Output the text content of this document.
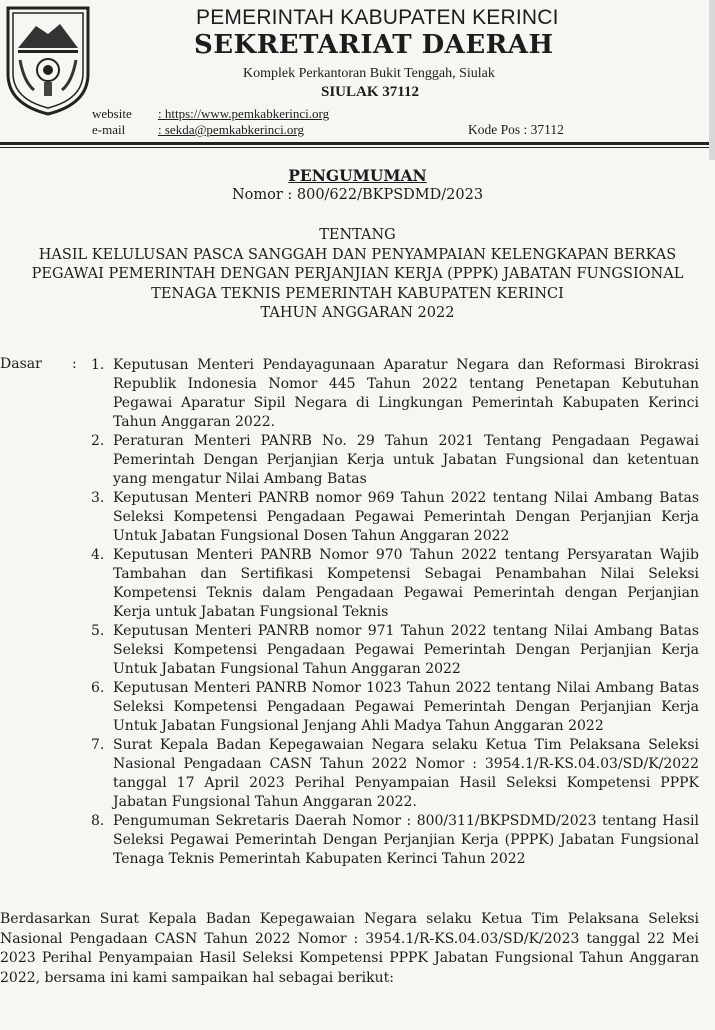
PEMERINTAH KABUPATEN KERINCI
SEKRETARIAT DAERAH
Komplek Perkantoran Bukit Tenggah, Siulak
SIULAK 37112
website : https://www.pemkabkerinci.org
e-mail	: sekda@pemkabkerinci.org	Kode Pos : 37112
PENGUMUMAN
Nomor : 800/622/BKPSDMD/2023
TENTANG
HASIL KELULUSAN PASCA SANGGAH DAN PENYAMPAIAN KELENGKAPAN BERKAS
PEGAWAI PEMERINTAH DENGAN PERJANJIAN KERJA (PPPK) JABATAN FUNGSIONAL
TENAGA TEKNIS PEMERINTAH KABUPATEN KERINCI
TAHUN ANGGARAN 2022
Dasar : 1. Keputusan Menteri Pendayagunaan Aparatur Negara dan Reformasi Birokrasi Republik Indonesia Nomor 445 Tahun 2022 tentang Penetapan Kebutuhan Pegawai Aparatur Sipil Negara di Lingkungan Pemerintah Kabupaten Kerinci Tahun Anggaran 2022.
2. Peraturan Menteri PANRB No. 29 Tahun 2021 Tentang Pengadaan Pegawai Pemerintah Dengan Perjanjian Kerja untuk Jabatan Fungsional dan ketentuan yang mengatur Nilai Ambang Batas
3. Keputusan Menteri PANRB nomor 969 Tahun 2022 tentang Nilai Ambang Batas Seleksi Kompetensi Pengadaan Pegawai Pemerintah Dengan Perjanjian Kerja Untuk Jabatan Fungsional Dosen Tahun Anggaran 2022
4. Keputusan Menteri PANRB Nomor 970 Tahun 2022 tentang Persyaratan Wajib Tambahan dan Sertifikasi Kompetensi Sebagai Penambahan Nilai Seleksi Kompetensi Teknis dalam Pengadaan Pegawai Pemerintah dengan Perjanjian Kerja untuk Jabatan Fungsional Teknis
5. Keputusan Menteri PANRB nomor 971 Tahun 2022 tentang Nilai Ambang Batas Seleksi Kompetensi Pengadaan Pegawai Pemerintah Dengan Perjanjian Kerja Untuk Jabatan Fungsional Tahun Anggaran 2022
6. Keputusan Menteri PANRB Nomor 1023 Tahun 2022 tentang Nilai Ambang Batas Seleksi Kompetensi Pengadaan Pegawai Pemerintah Dengan Perjanjian Kerja Untuk Jabatan Fungsional Jenjang Ahli Madya Tahun Anggaran 2022
7. Surat Kepala Badan Kepegawaian Negara selaku Ketua Tim Pelaksana Seleksi Nasional Pengadaan CASN Tahun 2022 Nomor : 3954.1/R-KS.04.03/SD/K/2022 tanggal 17 April 2023 Perihal Penyampaian Hasil Seleksi Kompetensi PPPK Jabatan Fungsional Tahun Anggaran 2022.
8. Pengumuman Sekretaris Daerah Nomor : 800/311/BKPSDMD/2023 tentang Hasil Seleksi Pegawai Pemerintah Dengan Perjanjian Kerja (PPPK) Jabatan Fungsional Tenaga Teknis Pemerintah Kabupaten Kerinci Tahun 2022
Berdasarkan Surat Kepala Badan Kepegawaian Negara selaku Ketua Tim Pelaksana Seleksi Nasional Pengadaan CASN Tahun 2022 Nomor : 3954.1/R-KS.04.03/SD/K/2023 tanggal 22 Mei 2023 Perihal Penyampaian Hasil Seleksi Kompetensi PPPK Jabatan Fungsional Tahun Anggaran 2022, bersama ini kami sampaikan hal sebagai berikut:
